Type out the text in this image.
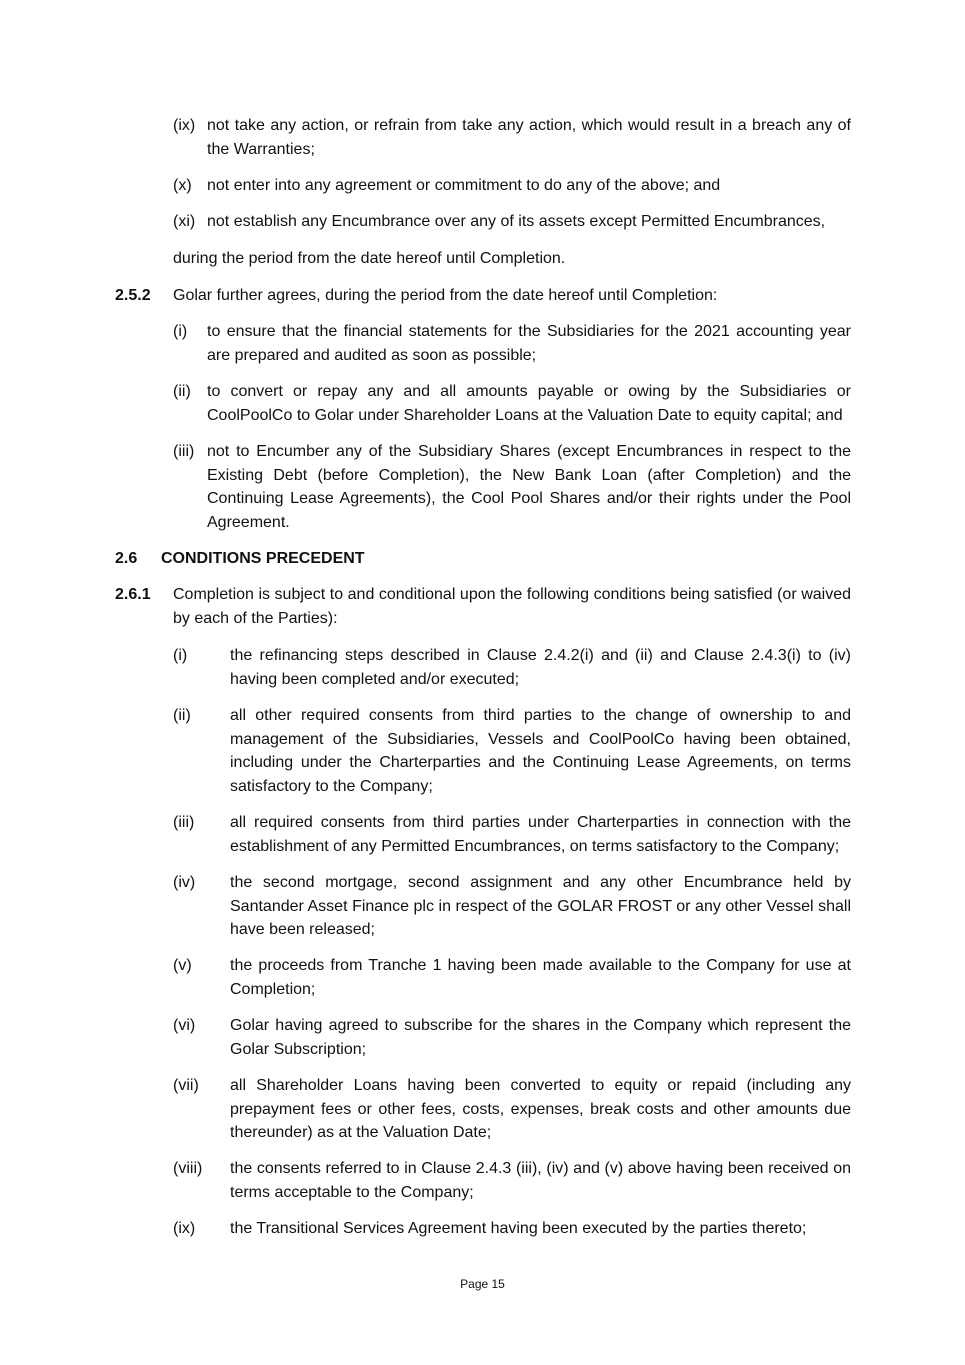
(ix) not take any action, or refrain from take any action, which would result in a breach any of the Warranties;
(x) not enter into any agreement or commitment to do any of the above; and
(xi) not establish any Encumbrance over any of its assets except Permitted Encumbrances,
during the period from the date hereof until Completion.
2.5.2 Golar further agrees, during the period from the date hereof until Completion:
(i) to ensure that the financial statements for the Subsidiaries for the 2021 accounting year are prepared and audited as soon as possible;
(ii) to convert or repay any and all amounts payable or owing by the Subsidiaries or CoolPoolCo to Golar under Shareholder Loans at the Valuation Date to equity capital; and
(iii) not to Encumber any of the Subsidiary Shares (except Encumbrances in respect to the Existing Debt (before Completion), the New Bank Loan (after Completion) and the Continuing Lease Agreements), the Cool Pool Shares and/or their rights under the Pool Agreement.
2.6 CONDITIONS PRECEDENT
2.6.1 Completion is subject to and conditional upon the following conditions being satisfied (or waived by each of the Parties):
(i)	the refinancing steps described in Clause 2.4.2(i) and (ii) and Clause 2.4.3(i) to (iv) having been completed and/or executed;
(ii) all other required consents from third parties to the change of ownership to and management of the Subsidiaries, Vessels and CoolPoolCo having been obtained, including under the Charterparties and the Continuing Lease Agreements, on terms satisfactory to the Company;
(iii) all required consents from third parties under Charterparties in connection with the establishment of any Permitted Encumbrances, on terms satisfactory to the Company;
(iv) the second mortgage, second assignment and any other Encumbrance held by Santander Asset Finance plc in respect of the GOLAR FROST or any other Vessel shall have been released;
(v) the proceeds from Tranche 1 having been made available to the Company for use at Completion;
(vi) Golar having agreed to subscribe for the shares in the Company which represent the Golar Subscription;
(vii) all Shareholder Loans having been converted to equity or repaid (including any prepayment fees or other fees, costs, expenses, break costs and other amounts due thereunder) as at the Valuation Date;
(viii) the consents referred to in Clause 2.4.3 (iii), (iv) and (v) above having been received on terms acceptable to the Company;
(ix) the Transitional Services Agreement having been executed by the parties thereto;
Page 15
